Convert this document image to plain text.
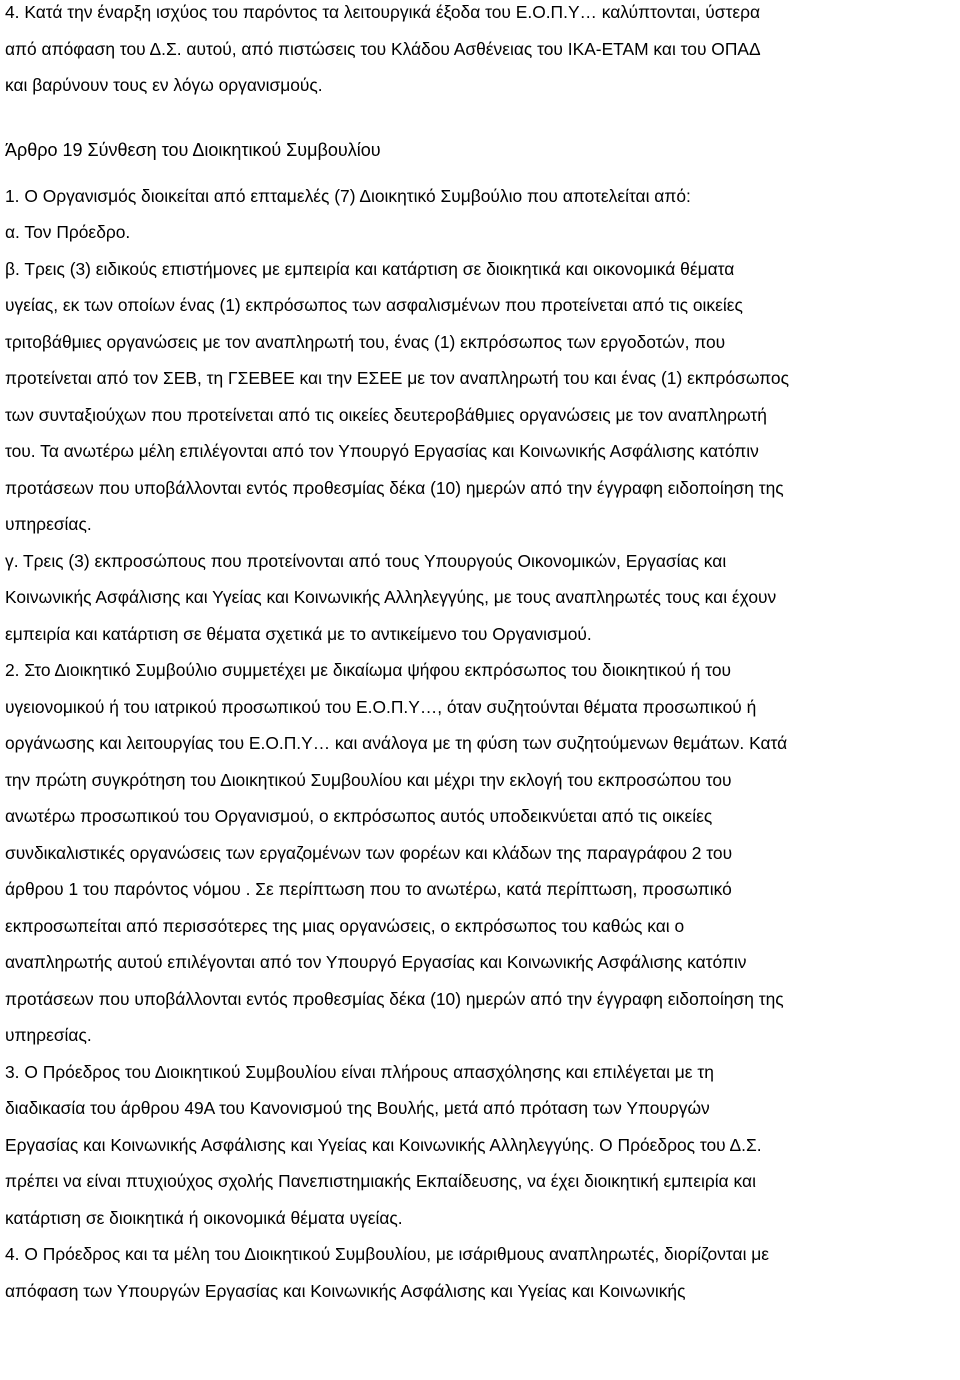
4. Κατά την έναρξη ισχύος του παρόντος τα λειτουργικά έξοδα του Ε.Ο.Π.Υ… καλύπτονται, ύστερα
από απόφαση του Δ.Σ. αυτού, από πιστώσεις του Κλάδου Ασθένειας του ΙΚΑ-ΕΤΑΜ και του ΟΠΑΔ
και βαρύνουν τους εν λόγω οργανισμούς.
Άρθρο 19 Σύνθεση του Διοικητικού Συμβουλίου
1. Ο Οργανισμός διοικείται από επταμελές (7) Διοικητικό Συμβούλιο που αποτελείται από:
α. Τον Πρόεδρο.
β. Τρεις (3) ειδικούς επιστήμονες με εμπειρία και κατάρτιση σε διοικητικά και οικονομικά θέματα
υγείας, εκ των οποίων ένας (1) εκπρόσωπος των ασφαλισμένων που προτείνεται από τις οικείες
τριτοβάθμιες οργανώσεις με τον αναπληρωτή του, ένας (1) εκπρόσωπος των εργοδοτών, που
προτείνεται από τον ΣΕΒ, τη ΓΣΕΒΕΕ και την ΕΣΕΕ με τον αναπληρωτή του και ένας (1) εκπρόσωπος
των συνταξιούχων που προτείνεται από τις οικείες δευτεροβάθμιες οργανώσεις με τον αναπληρωτή
του. Τα ανωτέρω μέλη επιλέγονται από τον Υπουργό Εργασίας και Κοινωνικής Ασφάλισης κατόπιν
προτάσεων που υποβάλλονται εντός προθεσμίας δέκα (10) ημερών από την έγγραφη ειδοποίηση της
υπηρεσίας.
γ. Τρεις (3) εκπροσώπους που προτείνονται από τους Υπουργούς Οικονομικών, Εργασίας και
Κοινωνικής Ασφάλισης και Υγείας και Κοινωνικής Αλληλεγγύης, με τους αναπληρωτές τους και έχουν
εμπειρία και κατάρτιση σε θέματα σχετικά με το αντικείμενο του Οργανισμού.
2. Στο Διοικητικό Συμβούλιο συμμετέχει με δικαίωμα ψήφου εκπρόσωπος του διοικητικού ή του
υγειονομικού ή του ιατρικού προσωπικού του Ε.Ο.Π.Υ…, όταν συζητούνται θέματα προσωπικού ή
οργάνωσης και λειτουργίας του Ε.Ο.Π.Υ… και ανάλογα με τη φύση των συζητούμενων θεμάτων. Κατά
την πρώτη συγκρότηση του Διοικητικού Συμβουλίου και μέχρι την εκλογή του εκπροσώπου του
ανωτέρω προσωπικού του Οργανισμού, ο εκπρόσωπος αυτός υποδεικνύεται από τις οικείες
συνδικαλιστικές οργανώσεις των εργαζομένων των φορέων και κλάδων της παραγράφου 2 του
άρθρου 1 του παρόντος νόμου . Σε περίπτωση που το ανωτέρω, κατά περίπτωση, προσωπικό
εκπροσωπείται από περισσότερες της μιας οργανώσεις, ο εκπρόσωπος του καθώς και ο
αναπληρωτής αυτού επιλέγονται από τον Υπουργό Εργασίας και Κοινωνικής Ασφάλισης κατόπιν
προτάσεων που υποβάλλονται εντός προθεσμίας δέκα (10) ημερών από την έγγραφη ειδοποίηση της
υπηρεσίας.
3. Ο Πρόεδρος του Διοικητικού Συμβουλίου είναι πλήρους απασχόλησης και επιλέγεται με τη
διαδικασία του άρθρου 49Α του Κανονισμού της Βουλής, μετά από πρόταση των Υπουργών
Εργασίας και Κοινωνικής Ασφάλισης και Υγείας και Κοινωνικής Αλληλεγγύης. Ο Πρόεδρος του Δ.Σ.
πρέπει να είναι πτυχιούχος σχολής Πανεπιστημιακής Εκπαίδευσης, να έχει διοικητική εμπειρία και
κατάρτιση σε διοικητικά ή οικονομικά θέματα υγείας.
4. Ο Πρόεδρος και τα μέλη του Διοικητικού Συμβουλίου, με ισάριθμους αναπληρωτές, διορίζονται με
απόφαση των Υπουργών Εργασίας και Κοινωνικής Ασφάλισης και Υγείας και Κοινωνικής
